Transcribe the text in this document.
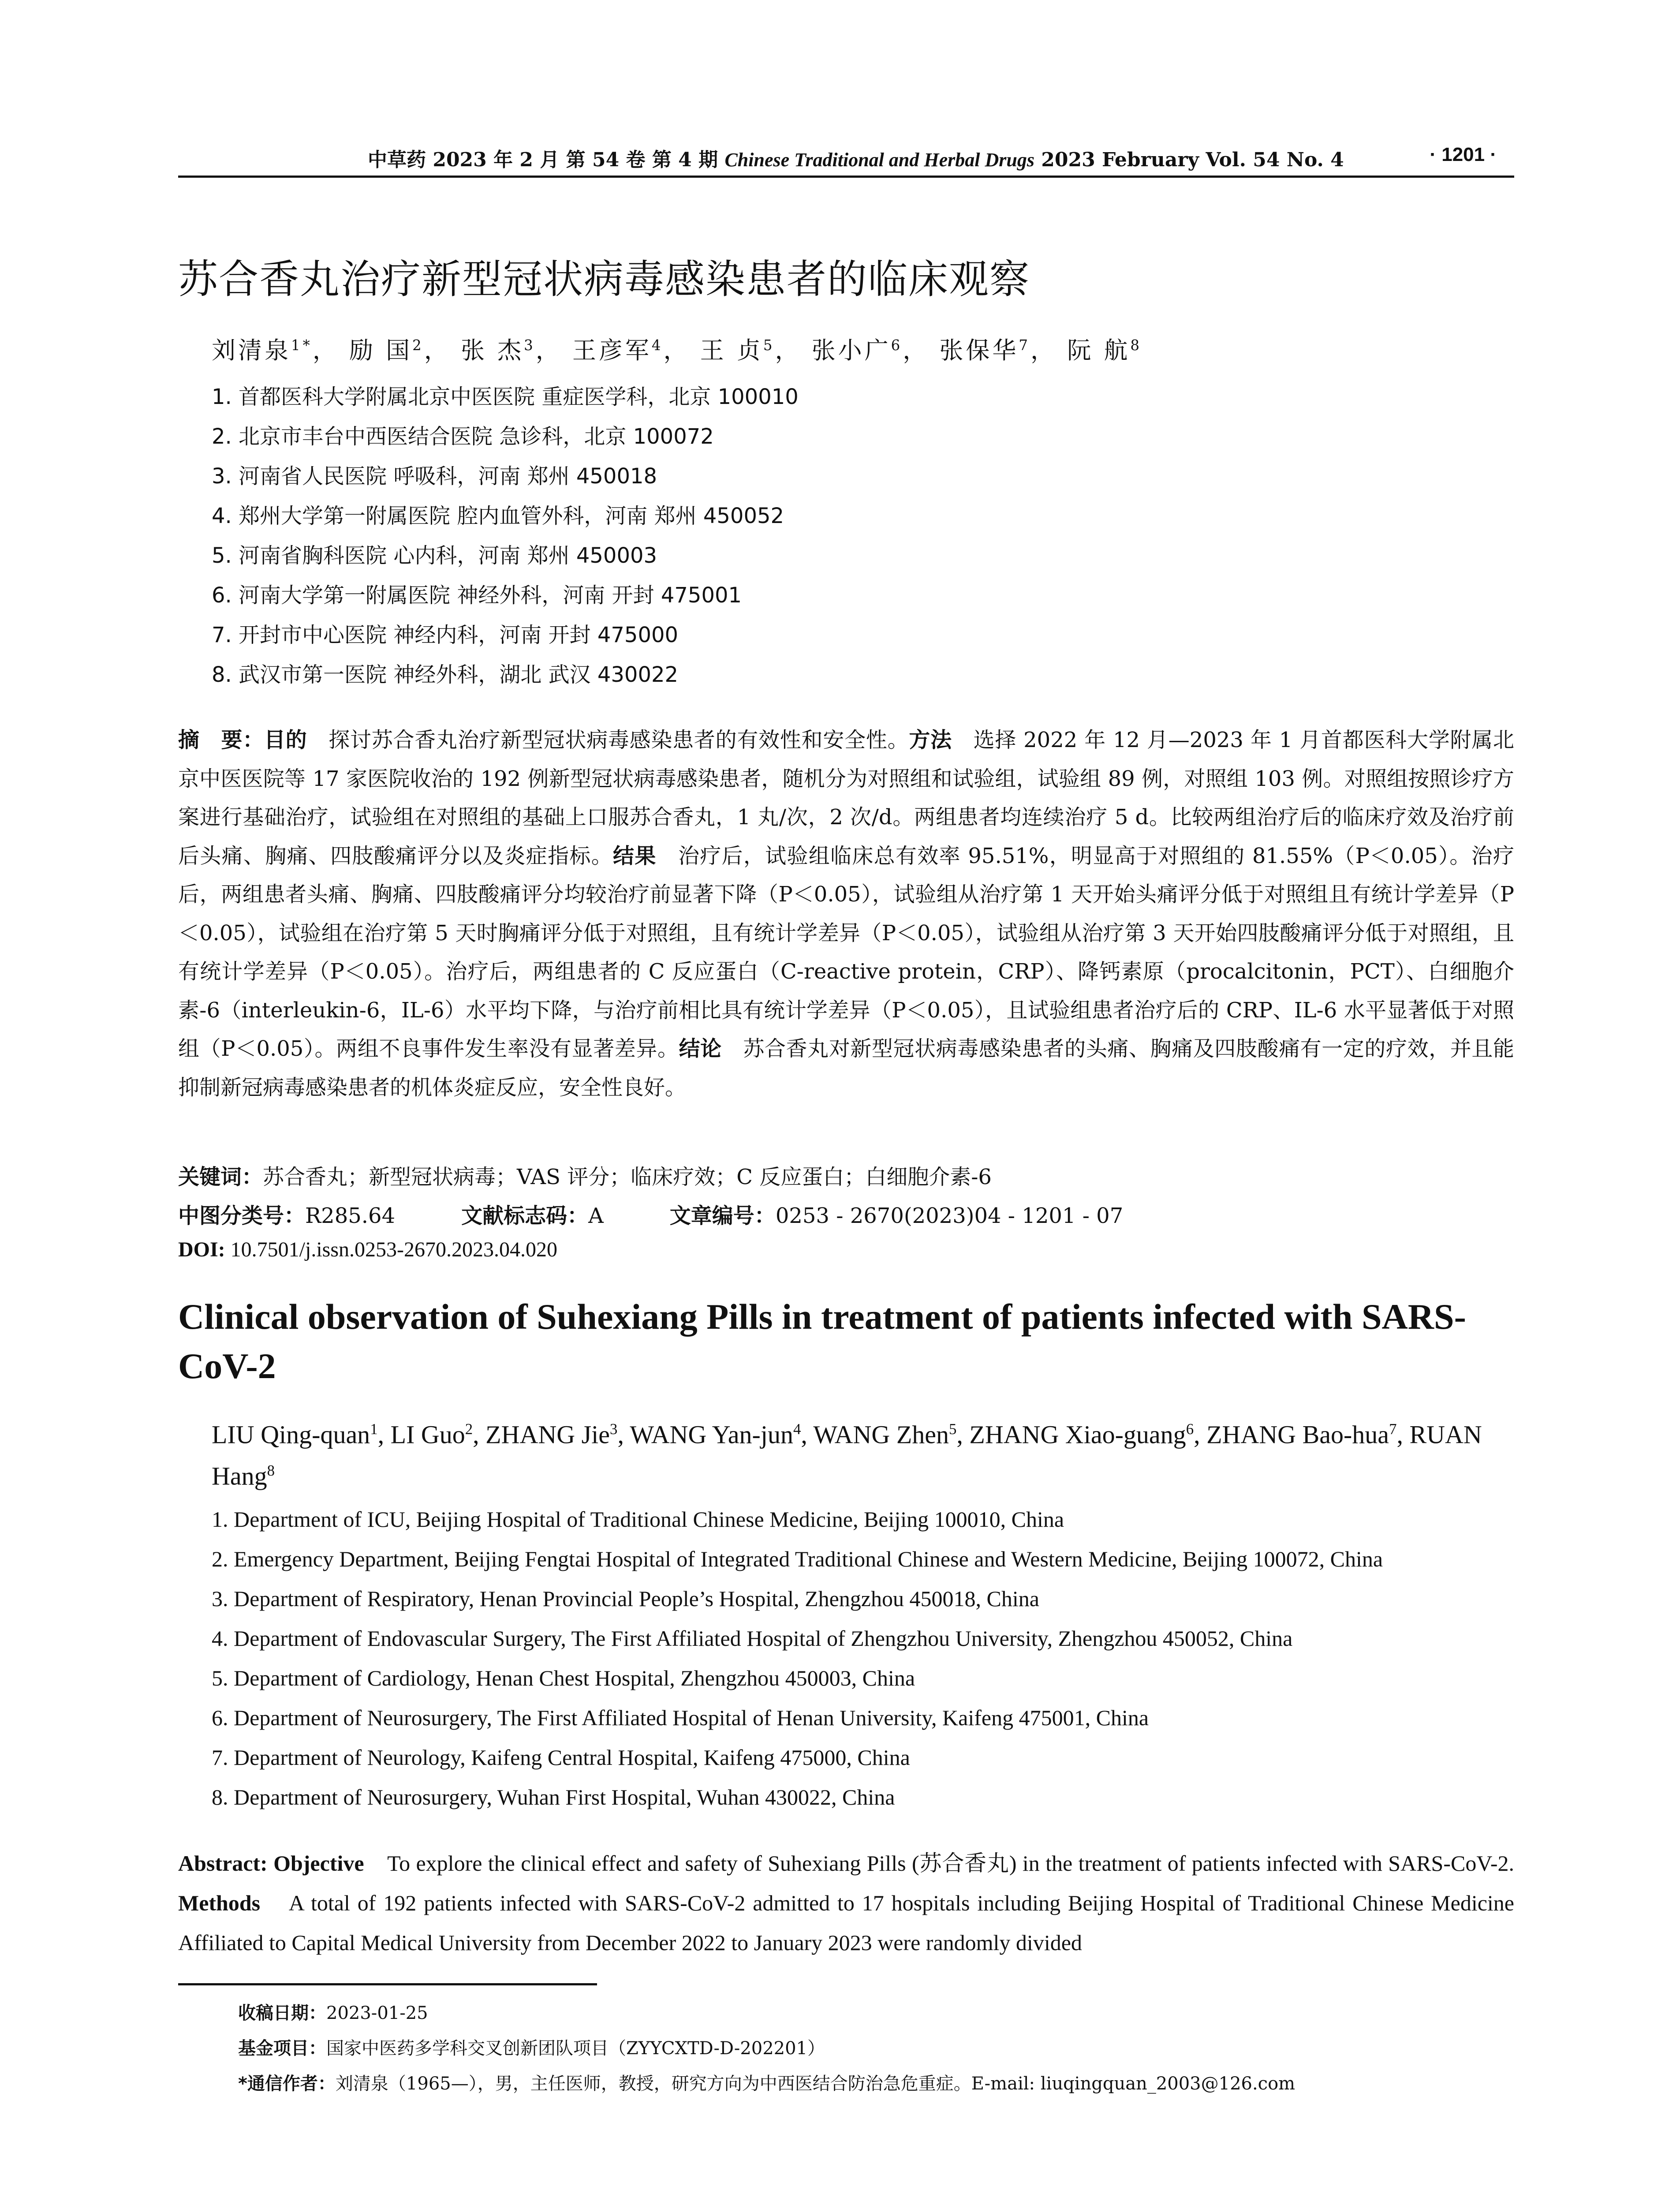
中草药 2023 年 2 月 第 54 卷 第 4 期 Chinese Traditional and Herbal Drugs 2023 February Vol. 54 No. 4	· 1201 ·
苏合香丸治疗新型冠状病毒感染患者的临床观察
刘清泉$^{1*}$， 励 国$^2$， 张 杰$^3$， 王彦军$^4$， 王 贞$^5$， 张小广$^6$， 张保华$^7$， 阮 航$^8$
1. 首都医科大学附属北京中医医院 重症医学科，北京 100010
2. 北京市丰台中西医结合医院 急诊科，北京 100072
3. 河南省人民医院 呼吸科，河南 郑州 450018
4. 郑州大学第一附属医院 腔内血管外科，河南 郑州 450052
5. 河南省胸科医院 心内科，河南 郑州 450003
6. 河南大学第一附属医院 神经外科，河南 开封 475001
7. 开封市中心医院 神经内科，河南 开封 475000
8. 武汉市第一医院 神经外科，湖北 武汉 430022
摘　要：目的　 探讨苏合香丸治疗新型冠状病毒感染患者的有效性和安全性。方法　 选择 2022 年 12 月—2023 年 1 月首都医科大学附属北京中医医院等 17 家医院收治的 192 例新型冠状病毒感染患者，随机分为对照组和试验组，试验组 89 例，对照组 103 例。对照组按照诊疗方案进行基础治疗，试验组在对照组的基础上口服苏合香丸，1 丸/次，2 次/d。两组患者均连续治疗 5 d。比较两组治疗后的临床疗效及治疗前后头痛、胸痛、四肢酸痛评分以及炎症指标。结果　 治疗后，试验组临床总有效率 95.51%，明显高于对照组的 81.55%（P＜0.05）。治疗后，两组患者头痛、胸痛、四肢酸痛评分均较治疗前显著下降（P＜0.05），试验组从治疗第 1 天开始头痛评分低于对照组且有统计学差异（P＜0.05），试验组在治疗第 5 天时胸痛评分低于对照组，且有统计学差异（P＜0.05），试验组从治疗第 3 天开始四肢酸痛评分低于对照组，且有统计学差异（P＜0.05）。治疗后，两组患者的 C 反应蛋白（C-reactive protein，CRP）、降钙素原（procalcitonin，PCT）、白细胞介素-6（interleukin-6，IL-6）水平均下降，与治疗前相比具有统计学差异（P＜0.05），且试验组患者治疗后的 CRP、IL-6 水平显著低于对照组（P＜0.05）。两组不良事件发生率没有显著差异。结论　 苏合香丸对新型冠状病毒感染患者的头痛、胸痛及四肢酸痛有一定的疗效，并且能抑制新冠病毒感染患者的机体炎症反应，安全性良好。
关键词：苏合香丸；新型冠状病毒；VAS 评分；临床疗效；C 反应蛋白；白细胞介素-6
中图分类号：R285.64	文献标志码：A	文章编号：0253 - 2670(2023)04 - 1201 - 07
DOI: 10.7501/j.issn.0253-2670.2023.04.020
Clinical observation of Suhexiang Pills in treatment of patients infected with SARS-CoV-2
LIU Qing-quan$^1$, LI Guo$^2$, ZHANG Jie$^3$, WANG Yan-jun$^4$, WANG Zhen$^5$, ZHANG Xiao-guang$^6$, ZHANG Bao-hua$^7$, RUAN Hang$^8$
1. Department of ICU, Beijing Hospital of Traditional Chinese Medicine, Beijing 100010, China
2. Emergency Department, Beijing Fengtai Hospital of Integrated Traditional Chinese and Western Medicine, Beijing 100072, China
3. Department of Respiratory, Henan Provincial People’s Hospital, Zhengzhou 450018, China
4. Department of Endovascular Surgery, The First Affiliated Hospital of Zhengzhou University, Zhengzhou 450052, China
5. Department of Cardiology, Henan Chest Hospital, Zhengzhou 450003, China
6. Department of Neurosurgery, The First Affiliated Hospital of Henan University, Kaifeng 475001, China
7. Department of Neurology, Kaifeng Central Hospital, Kaifeng 475000, China
8. Department of Neurosurgery, Wuhan First Hospital, Wuhan 430022, China
Abstract: Objective To explore the clinical effect and safety of Suhexiang Pills (苏合香丸) in the treatment of patients infected with SARS-CoV-2. Methods A total of 192 patients infected with SARS-CoV-2 admitted to 17 hospitals including Beijing Hospital of Traditional Chinese Medicine Affiliated to Capital Medical University from December 2022 to January 2023 were randomly divided
收稿日期：2023-01-25
基金项目：国家中医药多学科交叉创新团队项目（ZYYCXTD-D-202201）
*通信作者：刘清泉（1965—），男，主任医师，教授，研究方向为中西医结合防治急危重症。E-mail: liuqingquan_2003@126.com
